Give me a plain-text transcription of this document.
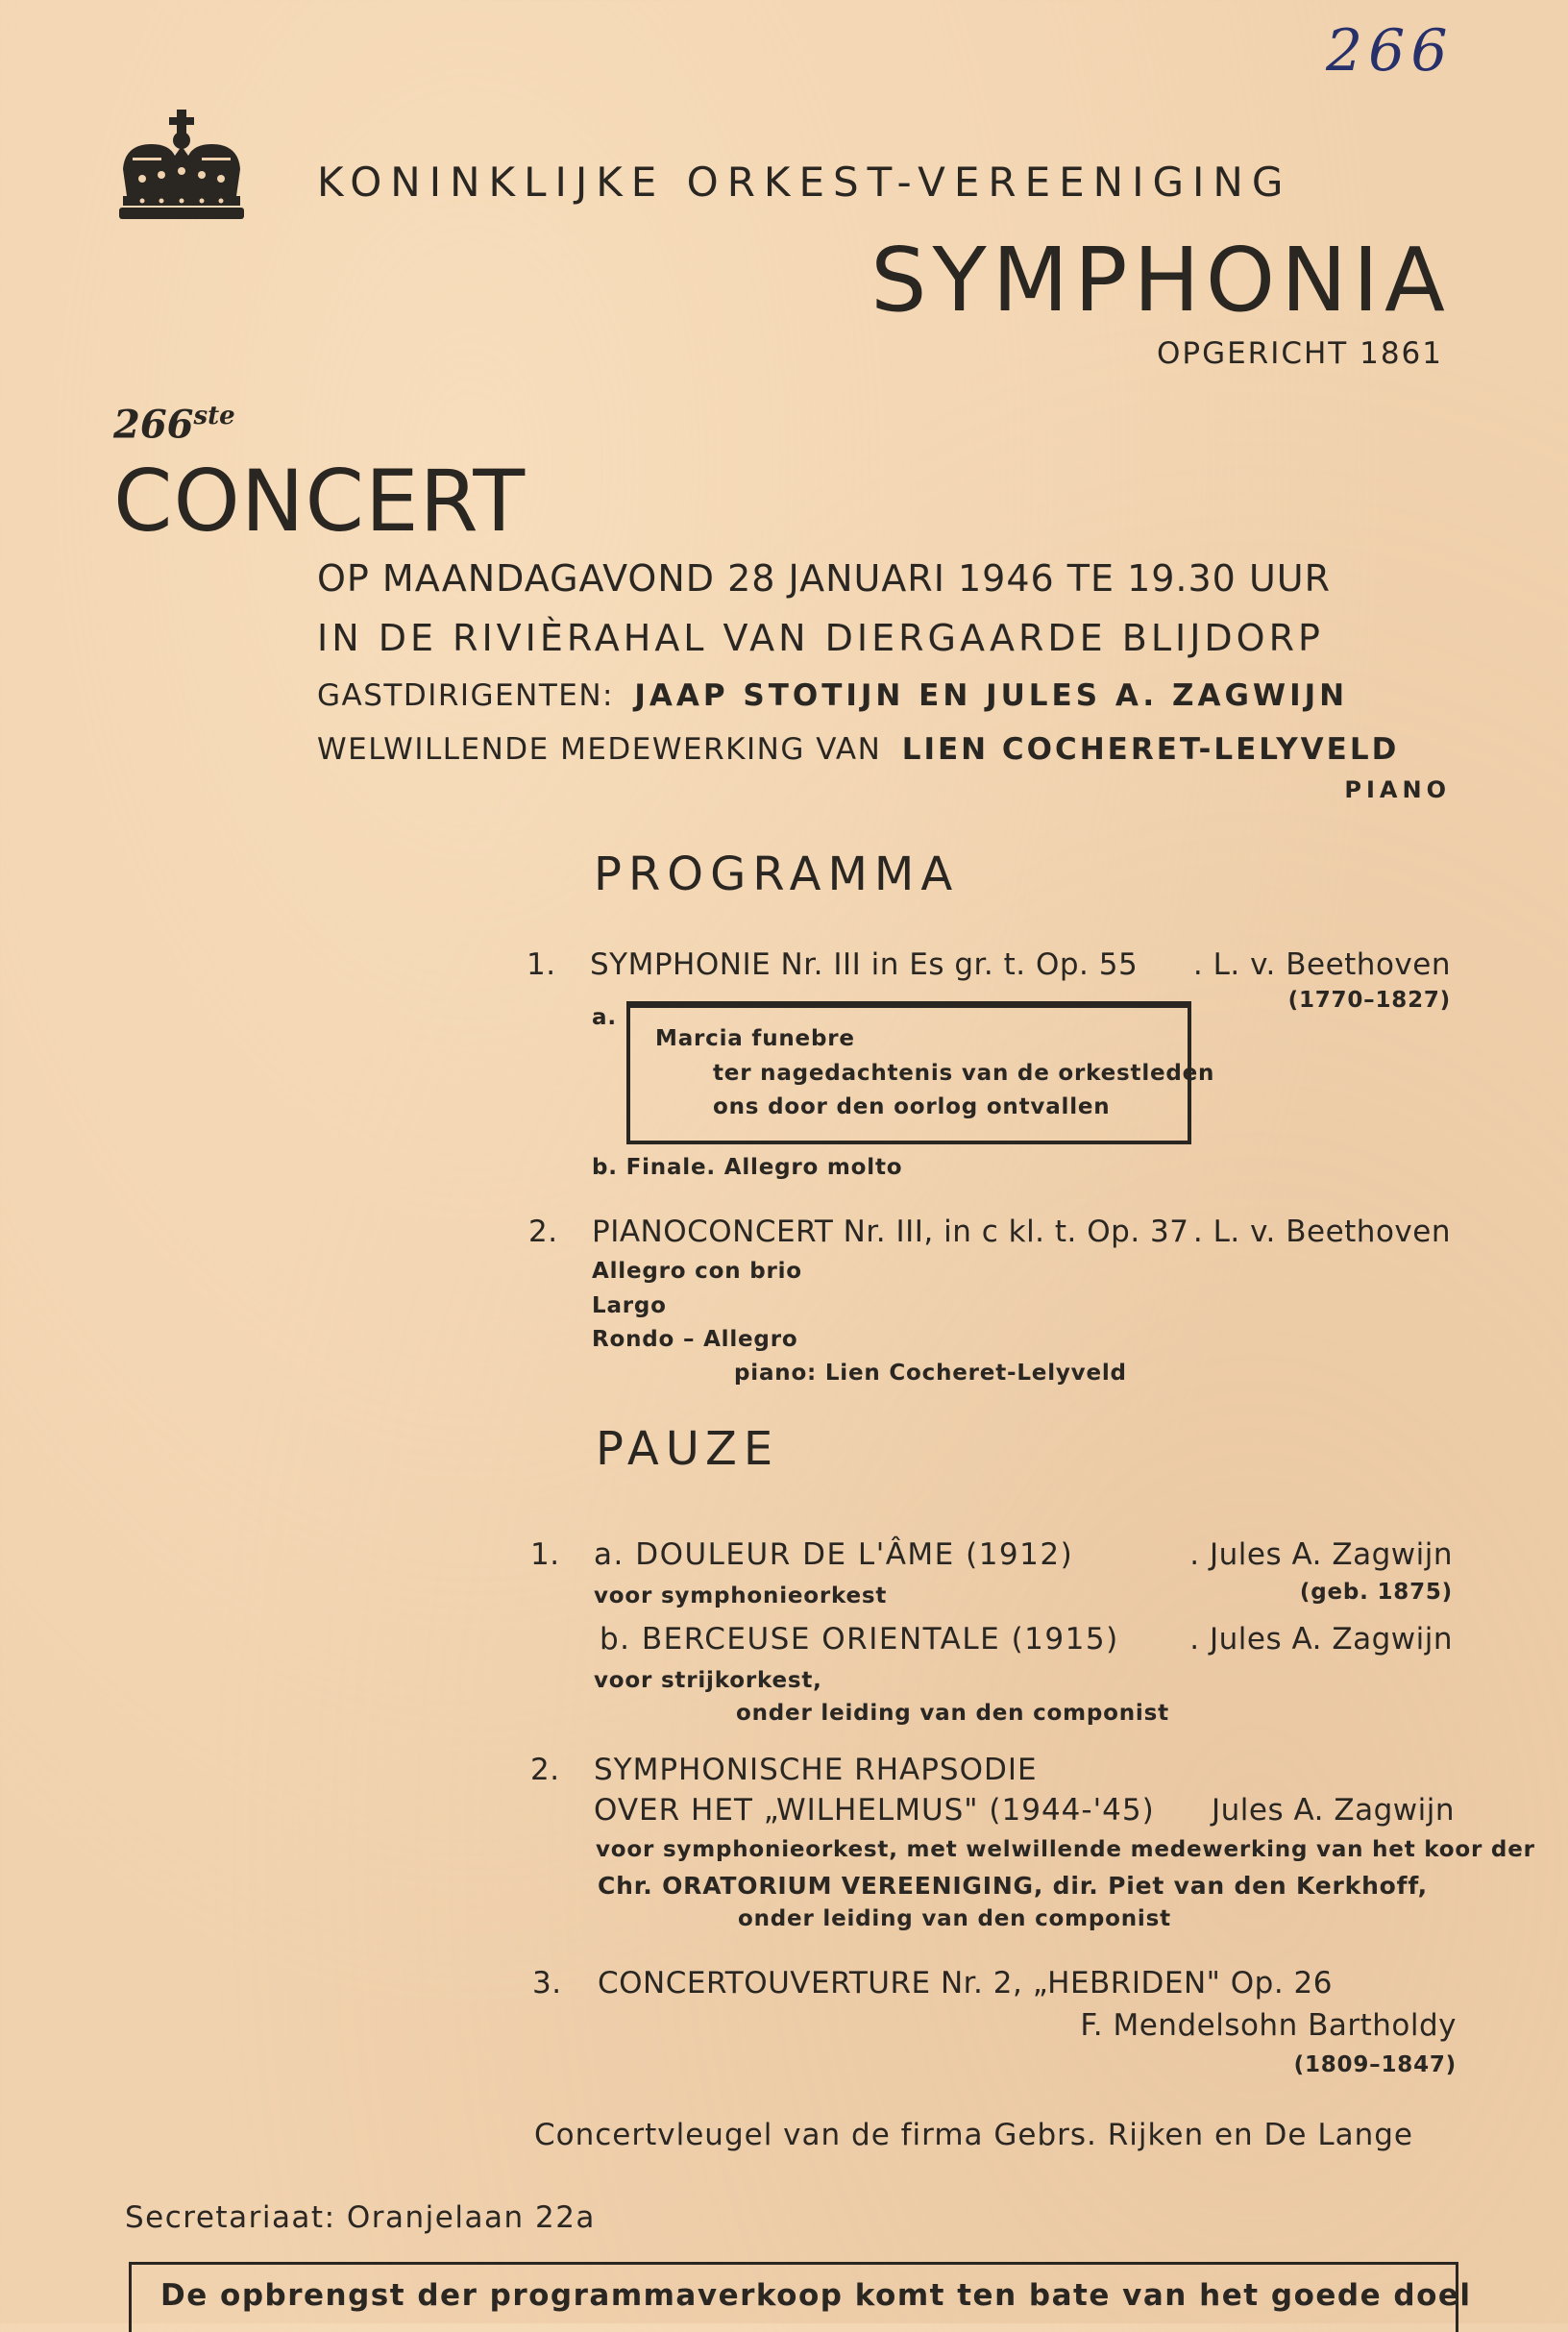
266
KONINKLIJKE ORKEST-VEREENIGING
SYMPHONIA
OPGERICHT 1861
266ste
CONCERT
OP MAANDAGAVOND 28 JANUARI 1946 TE 19.30 UUR
IN DE RIVIÈRAHAL VAN DIERGAARDE BLIJDORP
GASTDIRIGENTEN: JAAP STOTIJN EN JULES A. ZAGWIJN
WELWILLENDE MEDEWERKING VAN LIEN COCHERET-LELYVELD
PIANO
PROGRAMMA
1. SYMPHONIE Nr. III in Es gr. t. Op. 55 . L. v. Beethoven
(1770–1827)
a.
Marcia funebre
ter nagedachtenis van de orkestleden
ons door den oorlog ontvallen
b. Finale. Allegro molto
2. PIANOCONCERT Nr. III, in c kl. t. Op. 37 . L. v. Beethoven
Allegro con brio
Largo
Rondo – Allegro
piano: Lien Cocheret-Lelyveld
PAUZE
1. a. DOULEUR DE L'ÂME (1912)	. Jules A. Zagwijn
voor symphonieorkest	(geb. 1875)
b. BERCEUSE ORIENTALE (1915) . Jules A. Zagwijn
voor strijkorkest,
onder leiding van den componist
2. SYMPHONISCHE RHAPSODIE
OVER HET „WILHELMUS" (1944-'45) Jules A. Zagwijn
voor symphonieorkest, met welwillende medewerking van het koor der
Chr. ORATORIUM VEREENIGING, dir. Piet van den Kerkhoff,
onder leiding van den componist
3. CONCERTOUVERTURE Nr. 2, „HEBRIDEN" Op. 26
F. Mendelsohn Bartholdy
(1809–1847)
Concertvleugel van de firma Gebrs. Rijken en De Lange
Secretariaat: Oranjelaan 22a
De opbrengst der programmaverkoop komt ten bate van het goede doel
